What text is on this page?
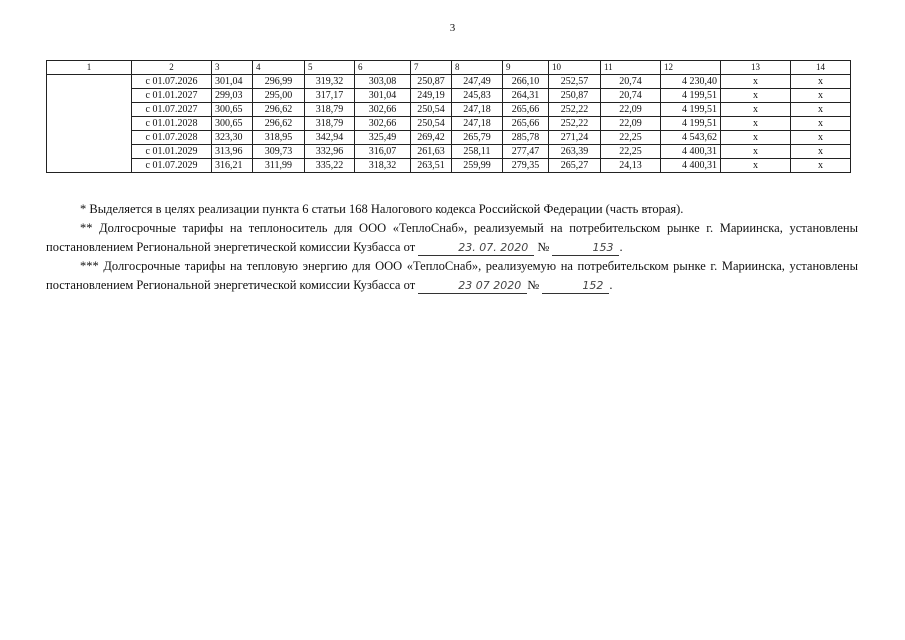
3
1	2	3	4	5	6	7	8	9	10	11	12	13	14
	с 01.07.2026	301,04	296,99	319,32	303,08	250,87	247,49	266,10	252,57	20,74	4 230,40	х	х
	с 01.01.2027	299,03	295,00	317,17	301,04	249,19	245,83	264,31	250,87	20,74	4 199,51	х	х
	с 01.07.2027	300,65	296,62	318,79	302,66	250,54	247,18	265,66	252,22	22,09	4 199,51	х	х
	с 01.01.2028	300,65	296,62	318,79	302,66	250,54	247,18	265,66	252,22	22,09	4 199,51	х	х
	с 01.07.2028	323,30	318,95	342,94	325,49	269,42	265,79	285,78	271,24	22,25	4 543,62	х	х
	с 01.01.2029	313,96	309,73	332,96	316,07	261,63	258,11	277,47	263,39	22,25	4 400,31	х	х
	с 01.07.2029	316,21	311,99	335,22	318,32	263,51	259,99	279,35	265,27	24,13	4 400,31	х	х

* Выделяется в целях реализации пункта 6 статьи 168 Налогового кодекса Российской Федерации (часть вторая).

** Долгосрочные тарифы на теплоноситель для ООО «ТеплоСнаб», реализуемый на потребительском рынке г. Мариинска, установлены постановлением Региональной энергетической комиссии Кузбасса от	23. 07. 2020 №	153 .

*** Долгосрочные тарифы на тепловую энергию для ООО «ТеплоСнаб», реализуемую на потребительском рынке г. Мариинска, установлены постановлением Региональной энергетической комиссии Кузбасса от	23 07 2020 №	152 .
